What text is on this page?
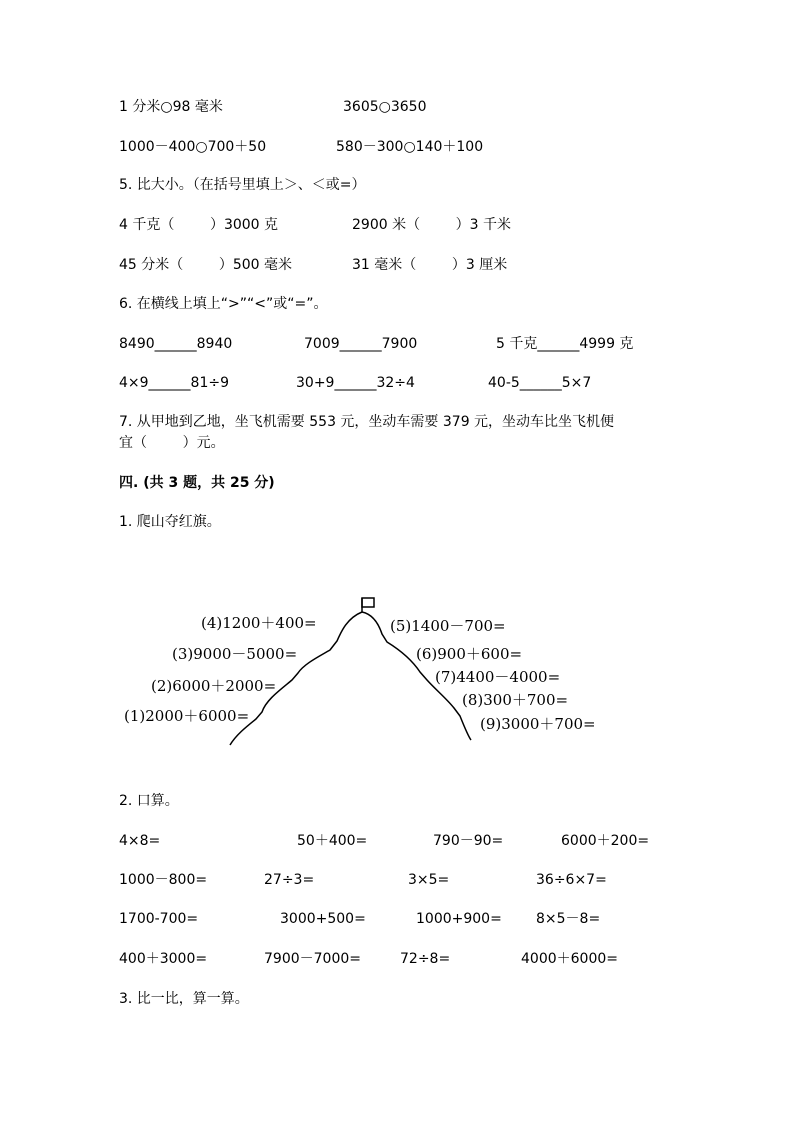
1 分米○98 毫米	3605○3650
1000－400○700＋50	580－300○140＋100
5. 比大小。（在括号里填上＞、＜或=）
4 千克（        ）3000 克	2900 米（        ）3 千米
45 分米（        ）500 毫米	31 毫米（        ）3 厘米
6. 在横线上填上“>”“<”或“=”。
8490______8940	7009______7900	5 千克______4999 克
4×9______81÷9	30+9______32÷4	40-5______5×7
7. 从甲地到乙地，坐飞机需要 553 元，坐动车需要 379 元，坐动车比坐飞机便
宜（        ）元。
四. (共 3 题，共 25 分)
1. 爬山夺红旗。
(4)1200＋400=
(3)9000－5000=
(2)6000＋2000=
(1)2000＋6000=
(5)1400－700=
(6)900＋600=
(7)4400－4000=
(8)300＋700=
(9)3000＋700=
2. 口算。
4×8=	50＋400=	790－90=	6000＋200=
1000－800=	27÷3=	3×5=	36÷6×7=
1700-700=	3000+500=	1000+900= 8×5－8=
400＋3000=	7900－7000=	72÷8=	4000＋6000=
3. 比一比，算一算。
